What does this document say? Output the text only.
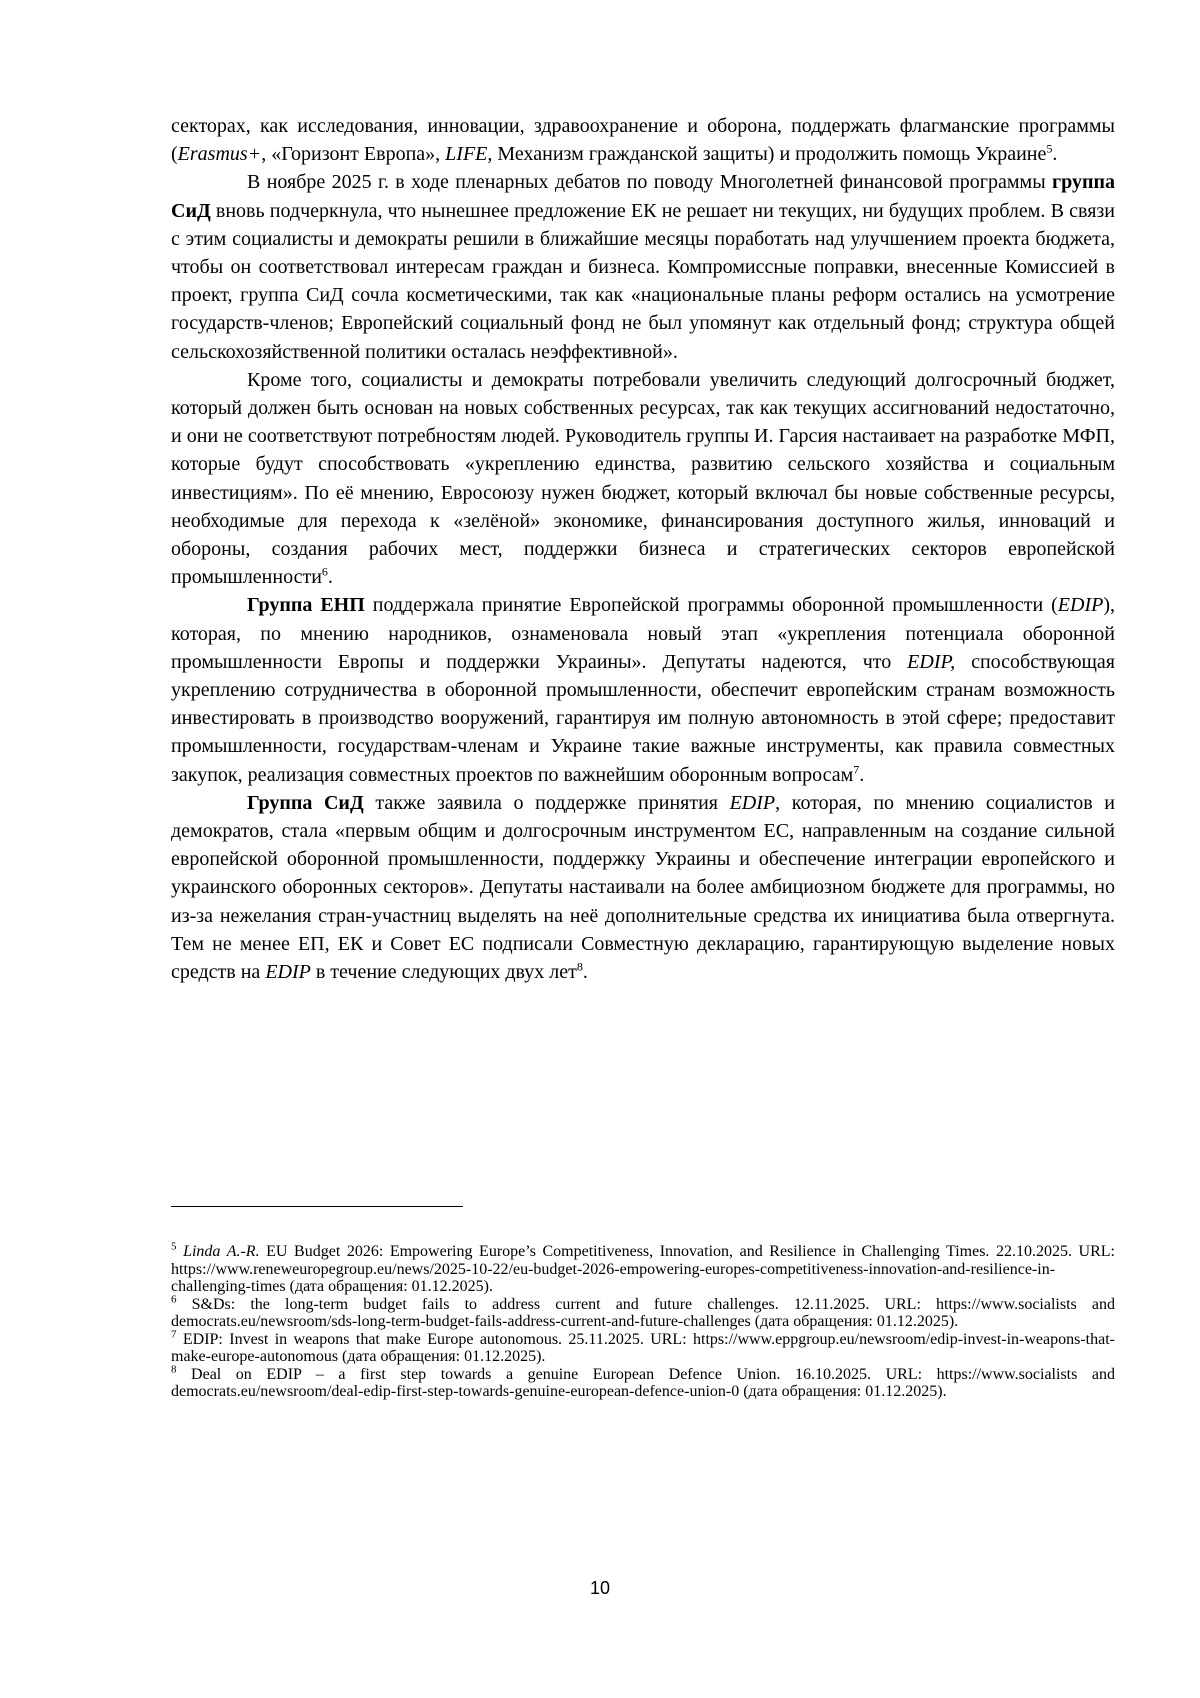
секторах, как исследования, инновации, здравоохранение и оборона, поддержать флагманские программы (Erasmus+, «Горизонт Европа», LIFE, Механизм гражданской защиты) и продолжить помощь Украине$^5$.

В ноябре 2025 г. в ходе пленарных дебатов по поводу Многолетней финансовой программы группа СиД вновь подчеркнула, что нынешнее предложение ЕК не решает ни текущих, ни будущих проблем. В связи с этим социалисты и демократы решили в ближайшие месяцы поработать над улучшением проекта бюджета, чтобы он соответствовал интересам граждан и бизнеса. Компромиссные поправки, внесенные Комиссией в проект, группа СиД сочла косметическими, так как «национальные планы реформ остались на усмотрение государств-членов; Европейский социальный фонд не был упомянут как отдельный фонд; структура общей сельскохозяйственной политики осталась неэффективной».

Кроме того, социалисты и демократы потребовали увеличить следующий долгосрочный бюджет, который должен быть основан на новых собственных ресурсах, так как текущих ассигнований недостаточно, и они не соответствуют потребностям людей. Руководитель группы И. Гарсия настаивает на разработке МФП, которые будут способствовать «укреплению единства, развитию сельского хозяйства и социальным инвестициям». По её мнению, Евросоюзу нужен бюджет, который включал бы новые собственные ресурсы, необходимые для перехода к «зелёной» экономике, финансирования доступного жилья, инноваций и обороны, создания рабочих мест, поддержки бизнеса и стратегических секторов европейской промышленности$^6$.

Группа ЕНП поддержала принятие Европейской программы оборонной промышленности (EDIP), которая, по мнению народников, ознаменовала новый этап «укрепления потенциала оборонной промышленности Европы и поддержки Украины». Депутаты надеются, что EDIP, способствующая укреплению сотрудничества в оборонной промышленности, обеспечит европейским странам возможность инвестировать в производство вооружений, гарантируя им полную автономность в этой сфере; предоставит промышленности, государствам-членам и Украине такие важные инструменты, как правила совместных закупок, реализация совместных проектов по важнейшим оборонным вопросам$^7$.

Группа СиД также заявила о поддержке принятия EDIP, которая, по мнению социалистов и демократов, стала «первым общим и долгосрочным инструментом ЕС, направленным на создание сильной европейской оборонной промышленности, поддержку Украины и обеспечение интеграции европейского и украинского оборонных секторов». Депутаты настаивали на более амбициозном бюджете для программы, но из-за нежелания стран-участниц выделять на неё дополнительные средства их инициатива была отвергнута. Тем не менее ЕП, ЕК и Совет ЕС подписали Совместную декларацию, гарантирующую выделение новых средств на EDIP в течение следующих двух лет$^8$.

$^5$ Linda A.-R. EU Budget 2026: Empowering Europe’s Competitiveness, Innovation, and Resilience in Challenging Times. 22.10.2025. URL: https://www.reneweuropegroup.eu/news/2025-10-22/eu-budget-2026-empowering-europes-competitiveness-innovation-and-resilience-in-challenging-times (дата обращения: 01.12.2025).

$^6$ S&Ds: the long-term budget fails to address current and future challenges. 12.11.2025. URL: https://www.socialists and democrats.eu/newsroom/sds-long-term-budget-fails-address-current-and-future-challenges (дата обращения: 01.12.2025).

$^7$ EDIP: Invest in weapons that make Europe autonomous. 25.11.2025. URL: https://www.eppgroup.eu/newsroom/edip-invest-in-weapons-that-make-europe-autonomous (дата обращения: 01.12.2025).

$^8$ Deal on EDIP – a first step towards a genuine European Defence Union. 16.10.2025. URL: https://www.socialists and democrats.eu/newsroom/deal-edip-first-step-towards-genuine-european-defence-union-0 (дата обращения: 01.12.2025).

10
